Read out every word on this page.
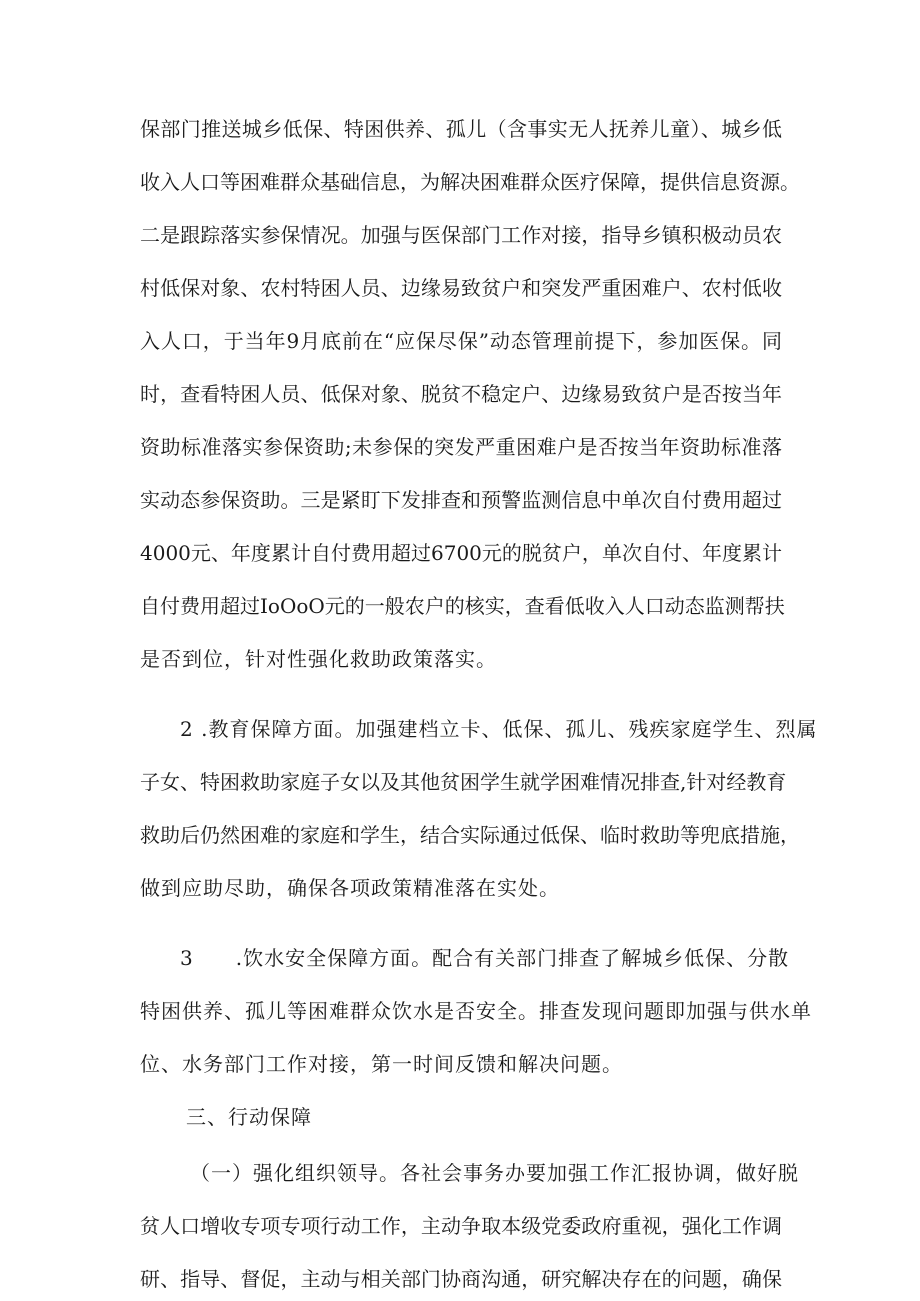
保部门推送城乡低保、特困供养、孤儿（含事实无人抚养儿童）、城乡低

收入人口等困难群众基础信息，为解决困难群众医疗保障，提供信息资源。

二是跟踪落实参保情况。加强与医保部门工作对接，指导乡镇积极动员农

村低保对象、农村特困人员、边缘易致贫户和突发严重困难户、农村低收

入人口，于当年9月底前在“应保尽保”动态管理前提下，参加医保。同

时，查看特困人员、低保对象、脱贫不稳定户、边缘易致贫户是否按当年

资助标准落实参保资助;未参保的突发严重困难户是否按当年资助标准落

实动态参保资助。三是紧盯下发排查和预警监测信息中单次自付费用超过

4000元、年度累计自付费用超过6700元的脱贫户，单次自付、年度累计

自付费用超过IoOoO元的一般农户的核实，查看低收入人口动态监测帮扶

是否到位，针对性强化救助政策落实。

2 .教育保障方面。加强建档立卡、低保、孤儿、残疾家庭学生、烈属

子女、特困救助家庭子女以及其他贫困学生就学困难情况排查,针对经教育

救助后仍然困难的家庭和学生，结合实际通过低保、临时救助等兜底措施，

做到应助尽助，确保各项政策精准落在实处。

3　　.饮水安全保障方面。配合有关部门排查了解城乡低保、分散

特困供养、孤儿等困难群众饮水是否安全。排查发现问题即加强与供水单

位、水务部门工作对接，第一时间反馈和解决问题。

三、行动保障

（一）强化组织领导。各社会事务办要加强工作汇报协调，做好脱

贫人口增收专项专项行动工作，主动争取本级党委政府重视，强化工作调

研、指导、督促，主动与相关部门协商沟通，研究解决存在的问题，确保
